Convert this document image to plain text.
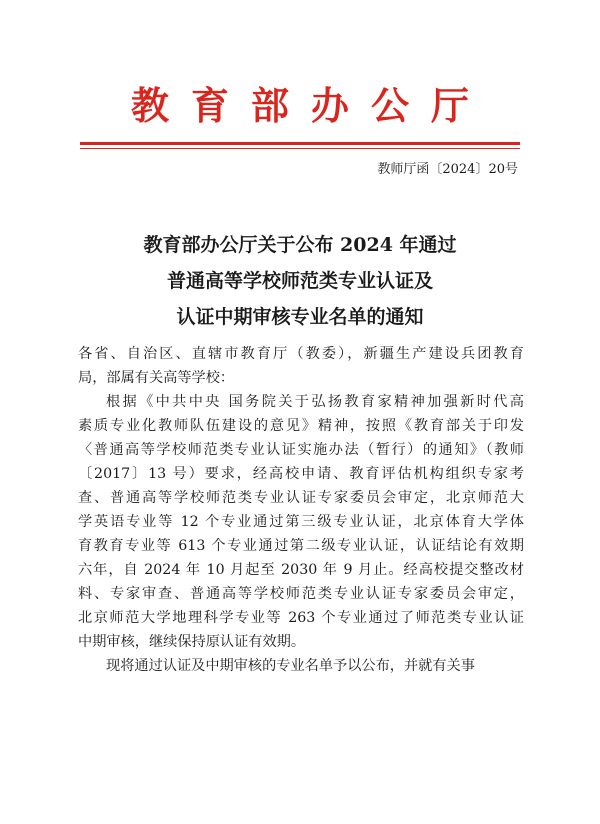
教育部办公厅
教师厅函〔2024〕20号
教育部办公厅关于公布 2024 年通过
普通高等学校师范类专业认证及
认证中期审核专业名单的通知
各省、自治区、直辖市教育厅（教委），新疆生产建设兵团教育
局，部属有关高等学校：
根据《中共中央 国务院关于弘扬教育家精神加强新时代高
素质专业化教师队伍建设的意见》精神，按照《教育部关于印发
〈普通高等学校师范类专业认证实施办法（暂行）的通知》（教师
〔2017〕13 号）要求，经高校申请、教育评估机构组织专家考
查、普通高等学校师范类专业认证专家委员会审定，北京师范大
学英语专业等 12 个专业通过第三级专业认证，北京体育大学体
育教育专业等 613 个专业通过第二级专业认证，认证结论有效期
六年，自 2024 年 10 月起至 2030 年 9 月止。经高校提交整改材
料、专家审查、普通高等学校师范类专业认证专家委员会审定，
北京师范大学地理科学专业等 263 个专业通过了师范类专业认证
中期审核，继续保持原认证有效期。
现将通过认证及中期审核的专业名单予以公布，并就有关事
